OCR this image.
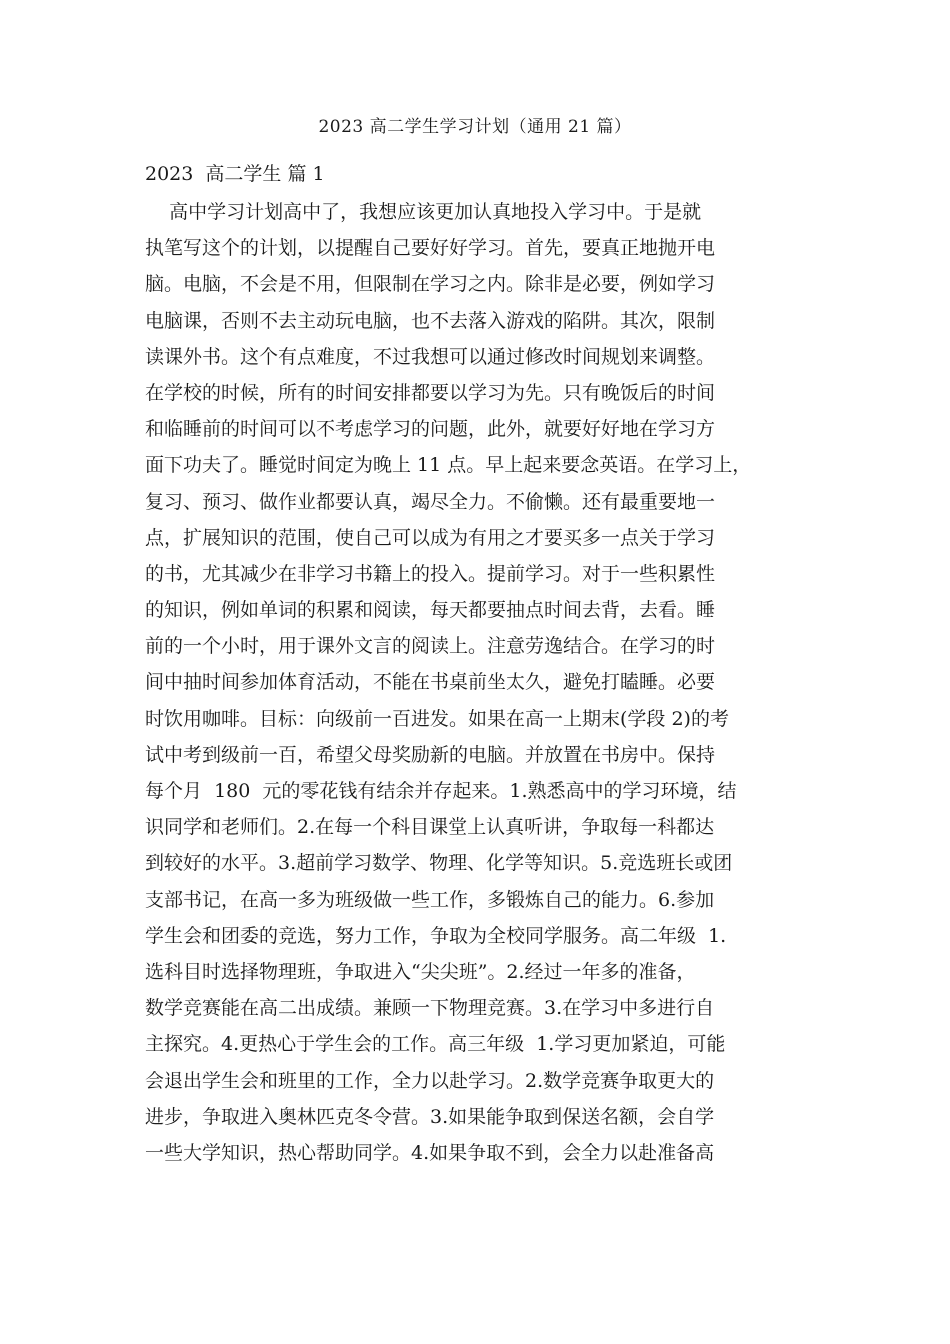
2023 高二学生学习计划（通用 21 篇）
2023  高二学生 篇 1
高中学习计划高中了，我想应该更加认真地投入学习中。于是就
执笔写这个的计划，以提醒自己要好好学习。首先，要真正地抛开电
脑。电脑，不会是不用，但限制在学习之内。除非是必要，例如学习
电脑课，否则不去主动玩电脑，也不去落入游戏的陷阱。其次，限制
读课外书。这个有点难度，不过我想可以通过修改时间规划来调整。
在学校的时候，所有的时间安排都要以学习为先。只有晚饭后的时间
和临睡前的时间可以不考虑学习的问题，此外，就要好好地在学习方
面下功夫了。睡觉时间定为晚上 11 点。早上起来要念英语。在学习上，
复习、预习、做作业都要认真，竭尽全力。不偷懒。还有最重要地一
点，扩展知识的范围，使自己可以成为有用之才要买多一点关于学习
的书，尤其减少在非学习书籍上的投入。提前学习。对于一些积累性
的知识，例如单词的积累和阅读，每天都要抽点时间去背，去看。睡
前的一个小时，用于课外文言的阅读上。注意劳逸结合。在学习的时
间中抽时间参加体育活动，不能在书桌前坐太久，避免打瞌睡。必要
时饮用咖啡。目标：向级前一百进发。如果在高一上期末(学段 2)的考
试中考到级前一百，希望父母奖励新的电脑。并放置在书房中。保持
每个月  180  元的零花钱有结余并存起来。1.熟悉高中的学习环境，结
识同学和老师们。2.在每一个科目课堂上认真听讲，争取每一科都达
到较好的水平。3.超前学习数学、物理、化学等知识。5.竞选班长或团
支部书记，在高一多为班级做一些工作，多锻炼自己的能力。6.参加
学生会和团委的竞选，努力工作，争取为全校同学服务。高二年级  1.
选科目时选择物理班，争取进入“尖尖班”。2.经过一年多的准备，
数学竞赛能在高二出成绩。兼顾一下物理竞赛。3.在学习中多进行自
主探究。4.更热心于学生会的工作。高三年级  1.学习更加紧迫，可能
会退出学生会和班里的工作，全力以赴学习。2.数学竞赛争取更大的
进步，争取进入奥林匹克冬令营。3.如果能争取到保送名额，会自学
一些大学知识，热心帮助同学。4.如果争取不到，会全力以赴准备高
